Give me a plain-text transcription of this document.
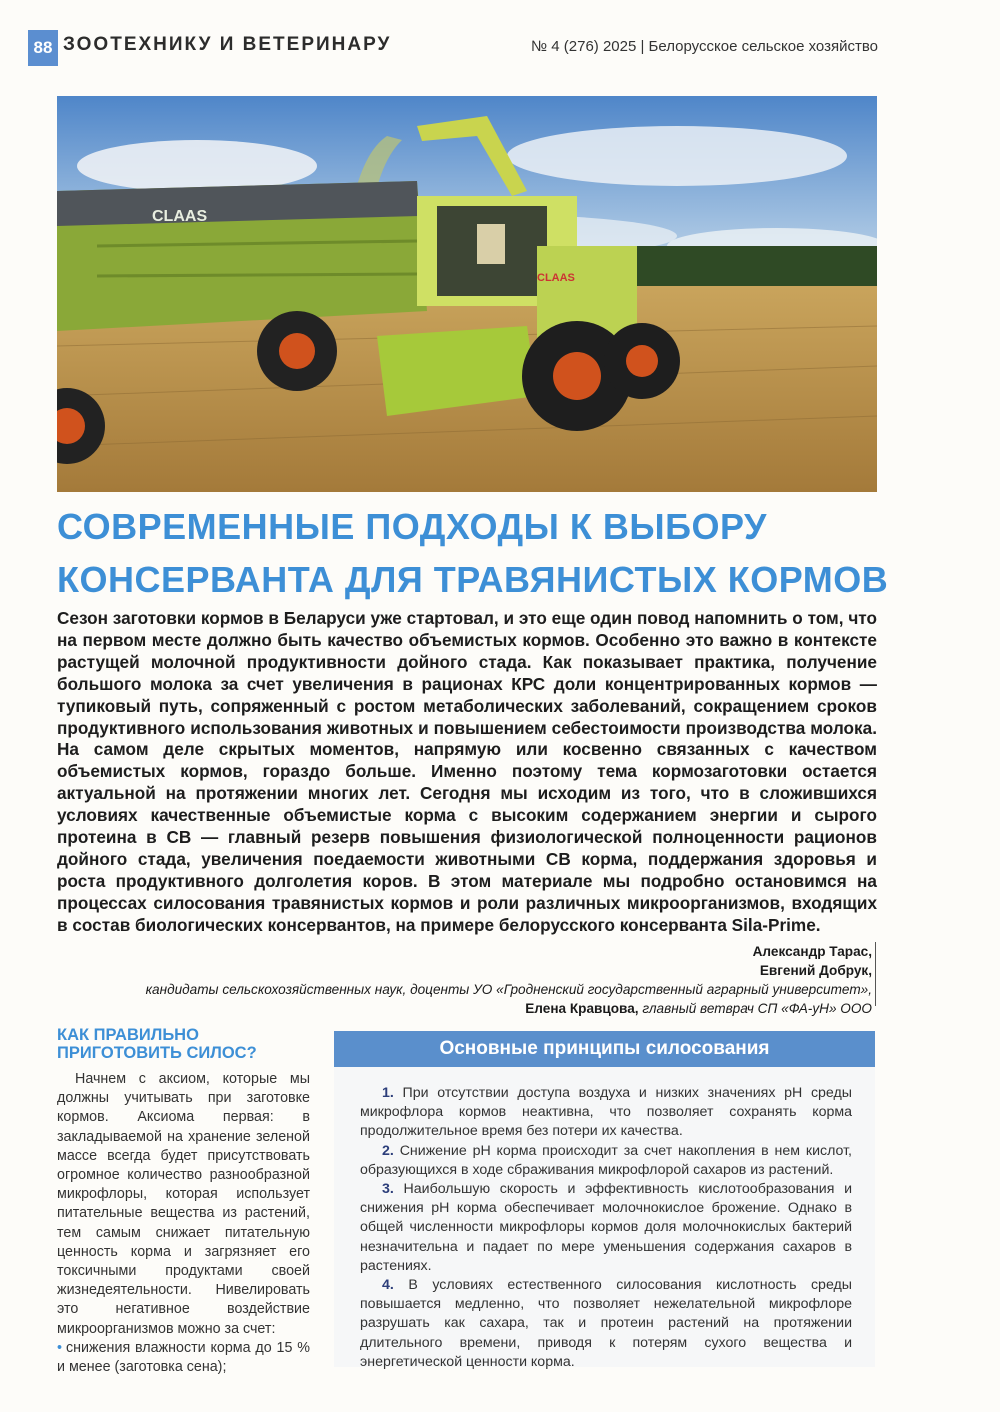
88 ЗООТЕХНИКУ И ВЕТЕРИНАРУ	№ 4 (276) 2025 | Белорусское сельское хозяйство
CLAAS
CLAAS
СОВРЕМЕННЫЕ ПОДХОДЫ К ВЫБОРУ
КОНСЕРВАНТА ДЛЯ ТРАВЯНИСТЫХ КОРМОВ
Сезон заготовки кормов в Беларуси уже стартовал, и это еще один повод напомнить о том, что на первом месте должно быть качество объемистых кормов. Особенно это важно в контексте растущей молочной продуктивности дойного стада. Как показывает практика, получение большого молока за счет увеличения в рационах КРС доли концентрированных кормов — тупиковый путь, сопряженный с ростом метаболических заболеваний, сокращением сроков продуктивного использования животных и повышением себестоимости производства молока. На самом деле скрытых моментов, напрямую или косвенно связанных с качеством объемистых кормов, гораздо больше. Именно поэтому тема кормозаготовки остается актуальной на протяжении многих лет. Сегодня мы исходим из того, что в сложившихся условиях качественные объемистые корма с высоким содержанием энергии и сырого протеина в СВ — главный резерв повышения физиологической полноценности рационов дойного стада, увеличения поедаемости животными СВ корма, поддержания здоровья и роста продуктивного долголетия коров. В этом материале мы подробно остановимся на процессах силосования травянистых кормов и роли различных микроорганизмов, входящих в состав биологических консервантов, на примере белорусского консерванта Sila-Prime.
Александр Тарас,
Евгений Добрук,
кандидаты сельскохозяйственных наук, доценты УО «Гродненский государственный аграрный университет»,
Елена Кравцова, главный ветврач СП «ФА-уН» ООО
КАК ПРАВИЛЬНО ПРИГОТОВИТЬ СИЛОС?

Начнем с аксиом, которые мы должны учитывать при заготовке кормов. Аксиома первая: в закладываемой на хранение зеленой массе всегда будет присутствовать огромное количество разнообразной микрофлоры, которая использует питательные вещества из растений, тем самым снижает питательную ценность корма и загрязняет его токсичными продуктами своей жизнедеятельности. Нивелировать это негативное воздействие микроорганизмов можно за счет:

• снижения влажности корма до 15 % и менее (заготовка сена);
Основные принципы силосования

1. При отсутствии доступа воздуха и низких значениях pH среды микрофлора кормов неактивна, что позволяет сохранять корма продолжительное время без потери их качества.

2. Снижение pH корма происходит за счет накопления в нем кислот, образующихся в ходе сбраживания микрофлорой сахаров из растений.

3. Наибольшую скорость и эффективность кислотообразования и снижения pH корма обеспечивает молочнокислое брожение. Однако в общей численности микрофлоры кормов доля молочнокислых бактерий незначительна и падает по мере уменьшения содержания сахаров в растениях.

4. В условиях естественного силосования кислотность среды повышается медленно, что позволяет нежелательной микрофлоре разрушать как сахара, так и протеин растений на протяжении длительного времени, приводя к потерям сухого вещества и энергетической ценности корма.
